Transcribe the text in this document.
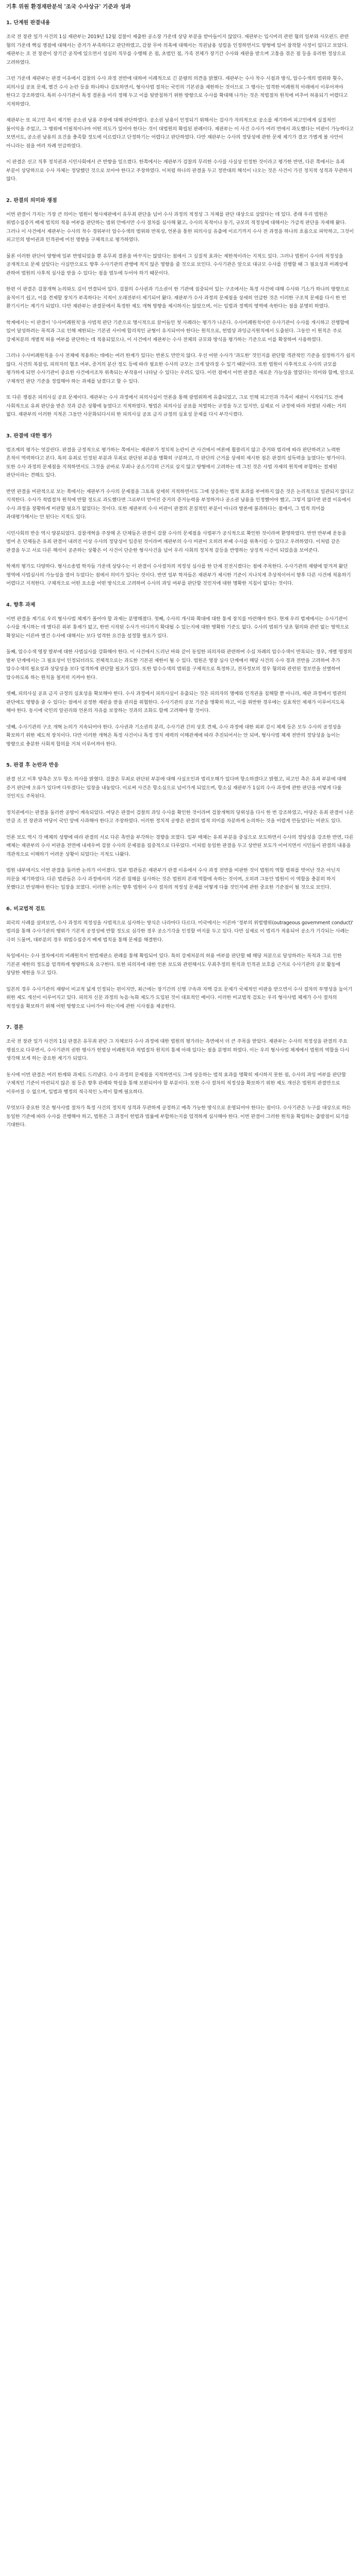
기후 위원 환경재판분석 '조국 수사상규' 기준과 성과
1. 단계원 판결내용

조국 전 장관 일가 사건의 1심 재판부는 2019년 12월 검찰이 제출한 공소장 가운데 상당 부분을 받아들이지 않았다. 재판부는 입시비리 관련 혐의 일부와 사모펀드 관련 혐의 가운데 핵심 쟁점에 대해서는 증거가 부족하다고 판단하였고, 감찰 무마 의혹에 대해서는 직권남용 성립을 인정하면서도 양형에 있어 참작할 사정이 있다고 보았다. 재판부는 조 전 장관이 장기간 공직에 있으면서 성실히 직무를 수행해 온 점, 초범인 점, 가족 전체가 장기간 수사와 재판을 받으며 고통을 겪은 점 등을 유리한 정상으로 고려하였다.

그런 가운데 재판부는 판결 이유에서 검찰의 수사 과정 전반에 대하여 이례적으로 긴 분량의 의견을 밝혔다. 재판부는 수사 착수 시점과 방식, 압수수색의 범위와 횟수, 피의사실 공표 문제, 별건 수사 논란 등을 하나하나 검토하면서, 형사사법 절차는 국민의 기본권을 제한하는 것이므로 그 행사는 엄격한 비례원칙 아래에서 이루어져야 한다고 강조하였다. 특히 수사기관이 특정 결론을 미리 정해 두고 이를 뒷받침하기 위한 방향으로 수사를 확대해 나가는 것은 적법절차 원칙에 비추어 허용되기 어렵다고 지적하였다.

재판부는 또 피고인 측이 제기한 공소권 남용 주장에 대해 판단하였다. 공소권 남용이 인정되기 위해서는 검사가 자의적으로 공소를 제기하여 피고인에게 실질적인 불이익을 주었고, 그 행위에 미필적이나마 어떤 의도가 있어야 한다는 것이 대법원의 확립된 판례이다. 재판부는 이 사건 수사가 여러 면에서 과도했다는 비판이 가능하다고 보면서도, 공소권 남용의 요건을 충족할 정도에 이르렀다고 단정하기는 어렵다고 판단하였다. 다만 재판부는 수사의 정당성에 관한 문제 제기가 결코 가볍게 볼 사안이 아니라는 점을 여러 차례 언급하였다.

이 판결은 선고 직후 정치권과 시민사회에서 큰 반향을 일으켰다. 한쪽에서는 재판부가 검찰의 무리한 수사를 사실상 인정한 것이라고 평가한 반면, 다른 쪽에서는 유죄 부분이 상당하므로 수사 자체는 정당했던 것으로 보아야 한다고 주장하였다. 이처럼 하나의 판결을 두고 정반대의 해석이 나오는 것은 사건이 가진 정치적 성격과 무관하지 않다.

2. 판결의 의미와 쟁점

이번 판결이 가지는 가장 큰 의미는 법원이 형사재판에서 유무죄 판단을 넘어 수사 과정의 적정성 그 자체를 판단 대상으로 삼았다는 데 있다. 종래 우리 법원은 위법수집증거 배제 법칙의 적용 여부를 판단하는 범위 안에서만 수사 절차를 심사해 왔고, 수사의 목적이나 동기, 규모의 적정성에 대해서는 가급적 판단을 자제해 왔다. 그러나 이 사건에서 재판부는 수사의 착수 경위부터 압수수색의 범위와 반복성, 언론을 통한 피의사실 유출에 이르기까지 수사 전 과정을 하나의 흐름으로 파악하고, 그것이 피고인의 방어권과 인격권에 미친 영향을 구체적으로 평가하였다.

물론 이러한 판단이 양형에 일부 반영되었을 뿐 유무죄 결론을 바꾸지는 않았다는 점에서 그 실질적 효과는 제한적이라는 지적도 있다. 그러나 법원이 수사의 적정성을 공개적으로 문제 삼았다는 사실만으로도 향후 수사기관의 관행에 적지 않은 영향을 줄 것으로 보인다. 수사기관은 앞으로 대규모 수사를 진행할 때 그 필요성과 비례성에 관하여 법원의 사후적 심사를 받을 수 있다는 점을 염두에 두어야 하기 때문이다.

한편 이 판결은 검찰개혁 논의와도 깊이 연결되어 있다. 검찰의 수사권과 기소권이 한 기관에 집중되어 있는 구조에서는 특정 사건에 대해 수사와 기소가 하나의 방향으로 움직이기 쉽고, 이를 견제할 장치가 부족하다는 지적이 오래전부터 제기되어 왔다. 재판부가 수사 과정의 문제점을 상세히 언급한 것은 이러한 구조적 문제를 다시 한 번 환기시키는 계기가 되었다. 다만 재판부는 판결문에서 특정한 제도 개혁 방향을 제시하지는 않았으며, 이는 입법과 정책의 영역에 속한다는 점을 분명히 하였다.

학계에서는 이 판결이 '수사비례원칙'을 사법적 판단 기준으로 명시적으로 끌어들인 첫 사례라는 평가가 나온다. 수사비례원칙이란 수사기관이 수사를 개시하고 진행함에 있어 달성하려는 목적과 그로 인해 제한되는 기본권 사이에 합리적인 균형이 유지되어야 한다는 원칙으로, 헌법상 과잉금지원칙에서 도출된다. 그동안 이 원칙은 주로 강제처분의 개별적 허용 여부를 판단하는 데 적용되었으나, 이 사건에서 재판부는 수사 전체의 규모와 방식을 평가하는 기준으로 이를 확장하여 사용하였다.

그러나 수사비례원칙을 수사 전체에 적용하는 데에는 여러 한계가 있다는 반론도 만만치 않다. 우선 어떤 수사가 '과도한' 것인지를 판단할 객관적인 기준을 설정하기가 쉽지 않다. 사건의 복잡성, 피의자의 협조 여부, 증거의 분산 정도 등에 따라 필요한 수사의 규모는 크게 달라질 수 있기 때문이다. 또한 법원이 사후적으로 수사의 규모를 평가하게 되면 수사기관이 중요한 사건에서조차 위축되는 부작용이 나타날 수 있다는 우려도 있다. 이런 점에서 이번 판결은 새로운 가능성을 열었다는 의미와 함께, 앞으로 구체적인 판단 기준을 정립해야 하는 과제를 남겼다고 할 수 있다.

또 다른 쟁점은 피의사실 공표 문제이다. 재판부는 수사 과정에서 피의사실이 언론을 통해 광범위하게 유출되었고, 그로 인해 피고인과 가족이 재판이 시작되기도 전에 사회적으로 유죄 판단을 받은 것과 같은 상황에 놓였다고 지적하였다. 형법은 피의사실 공표를 처벌하는 규정을 두고 있지만, 실제로 이 규정에 따라 처벌된 사례는 거의 없다. 재판부의 이러한 지적은 그동안 사문화되다시피 한 피의사실 공표 금지 규정의 실효성 문제를 다시 부각시켰다.

3. 판결에 대한 평가

법조계의 평가는 엇갈린다. 판결을 긍정적으로 평가하는 쪽에서는 재판부가 정치적 논란이 큰 사건에서 여론에 휩쓸리지 않고 증거와 법리에 따라 판단하려고 노력한 흔적이 역력하다고 본다. 특히 유죄로 인정된 부분과 무죄로 판단된 부분을 명확히 구분하고, 각 판단의 근거를 상세히 제시한 점은 판결의 설득력을 높였다는 평가이다. 또한 수사 과정의 문제점을 지적하면서도 그것을 곧바로 무죄나 공소기각의 근거로 삼지 않고 양형에서 고려하는 데 그친 것은 사법 자제의 원칙에 부합하는 절제된 판단이라는 견해도 있다.

반면 판결을 비판적으로 보는 쪽에서는 재판부가 수사의 문제점을 그토록 상세히 지적하면서도 그에 상응하는 법적 효과를 부여하지 않은 것은 논리적으로 일관되지 않다고 지적한다. 수사가 적법절차 원칙에 반할 정도로 과도했다면 그로부터 얻어진 증거의 증거능력을 부정하거나 공소권 남용을 인정했어야 했고, 그렇지 않다면 판결 이유에서 수사 과정을 장황하게 비판할 필요가 없었다는 것이다. 또한 재판부의 수사 비판이 판결의 본질적인 부분이 아니라 방론에 불과하다는 점에서, 그 법적 의미를 과대평가해서는 안 된다는 지적도 있다.

시민사회의 반응 역시 양분되었다. 검찰개혁을 주장해 온 단체들은 판결이 검찰 수사의 문제점을 사법부가 공식적으로 확인한 것이라며 환영하였다. 반면 반부패 운동을 벌여 온 단체들은 유죄 판결이 내려진 이상 수사의 정당성이 입증된 것이라며 재판부의 수사 비판이 오히려 부패 수사를 위축시킬 수 있다고 우려하였다. 이처럼 같은 판결을 두고 서로 다른 해석이 공존하는 상황은 이 사건이 단순한 형사사건을 넘어 우리 사회의 정치적 갈등을 반영하는 상징적 사건이 되었음을 보여준다.

학계의 평가도 다양하다. 형사소송법 학자들 가운데 상당수는 이 판결이 수사절차의 적정성 심사를 한 단계 진전시켰다는 점에 주목한다. 수사기관의 재량에 맡겨져 왔던 영역에 사법심사의 가능성을 열어 두었다는 점에서 의미가 있다는 것이다. 반면 일부 학자들은 재판부가 제시한 기준이 지나치게 추상적이어서 향후 다른 사건에 적용하기 어렵다고 지적한다. 구체적으로 어떤 요소를 어떤 방식으로 고려하여 수사의 과잉 여부를 판단할 것인지에 대한 명확한 지침이 없다는 것이다.

4. 향후 과제

이번 판결을 계기로 우리 형사사법 체계가 풀어야 할 과제는 분명해졌다. 첫째, 수사의 개시와 확대에 대한 통제 장치를 마련해야 한다. 현재 우리 법제에서는 수사기관이 수사를 개시하는 데 별다른 외부 통제가 없고, 한번 시작된 수사가 어디까지 확대될 수 있는지에 대한 명확한 기준도 없다. 수사의 범위가 당초 혐의와 관련 없는 영역으로 확장되는 이른바 별건 수사에 대해서는 보다 엄격한 요건을 설정할 필요가 있다.

둘째, 압수수색 영장 발부에 대한 사법심사를 강화해야 한다. 이 사건에서 드러난 바와 같이 동일한 피의자와 관련하여 수십 차례의 압수수색이 반복되는 경우, 개별 영장의 발부 단계에서는 그 필요성이 인정되더라도 전체적으로는 과도한 기본권 제한이 될 수 있다. 법원은 영장 심사 단계에서 해당 사건의 수사 경과 전반을 고려하여 추가 압수수색의 필요성과 상당성을 보다 엄격하게 판단할 필요가 있다. 또한 압수수색의 범위를 구체적으로 특정하고, 전자정보의 경우 혐의와 관련된 정보만을 선별하여 압수하도록 하는 원칙을 철저히 지켜야 한다.

셋째, 피의사실 공표 금지 규정의 실효성을 확보해야 한다. 수사 과정에서 피의사실이 유출되는 것은 피의자의 명예와 인격권을 침해할 뿐 아니라, 재판 과정에서 법관의 판단에도 영향을 줄 수 있다는 점에서 공정한 재판을 받을 권리를 위협한다. 수사기관의 공보 기준을 명확히 하고, 이를 위반한 경우에는 실효적인 제재가 이루어지도록 해야 한다. 동시에 국민의 알권리와 언론의 자유를 보장하는 것과의 조화도 함께 고려해야 할 것이다.

넷째, 수사기관의 구조 개혁 논의가 지속되어야 한다. 수사권과 기소권의 분리, 수사기관 간의 상호 견제, 수사 과정에 대한 외부 감시 체계 등은 모두 수사의 공정성을 확보하기 위한 제도적 장치이다. 다만 이러한 개혁은 특정 사건이나 특정 정치 세력의 이해관계에 따라 추진되어서는 안 되며, 형사사법 체계 전반의 정당성을 높이는 방향으로 충분한 사회적 합의를 거쳐 이루어져야 한다.

5. 판결 후 논란과 반응

판결 선고 이후 양측은 모두 항소 의사를 밝혔다. 검찰은 무죄로 판단된 부분에 대해 사실오인과 법리오해가 있다며 항소하겠다고 밝혔고, 피고인 측은 유죄 부분에 대해 증거 판단에 오류가 있다며 다투겠다는 입장을 내놓았다. 이로써 사건은 항소심으로 넘어가게 되었으며, 항소심 재판부가 1심의 수사 과정에 관한 판단을 어떻게 다룰 것인지도 주목된다.

정치권에서는 판결을 둘러싼 공방이 계속되었다. 여당은 판결이 검찰의 과잉 수사를 확인한 것이라며 검찰개혁의 당위성을 다시 한 번 강조하였고, 야당은 유죄 판결이 나온 만큼 조 전 장관과 여당이 국민 앞에 사과해야 한다고 주장하였다. 이러한 정치적 공방은 판결의 법적 의미를 차분하게 논의하는 것을 어렵게 만들었다는 비판도 있다.

언론 보도 역시 각 매체의 성향에 따라 판결의 서로 다른 측면을 부각하는 경향을 보였다. 일부 매체는 유죄 부분을 중심으로 보도하면서 수사의 정당성을 강조한 반면, 다른 매체는 재판부의 수사 비판을 전면에 내세우며 검찰 수사의 문제점을 집중적으로 다루었다. 이처럼 동일한 판결을 두고 상반된 보도가 이어지면서 시민들이 판결의 내용을 객관적으로 이해하기 어려운 상황이 되었다는 지적도 나왔다.

법원 내부에서도 이번 판결을 둘러싼 논의가 이어졌다. 일부 법관들은 재판부가 판결 이유에서 수사 과정 전반을 비판한 것이 법원의 역할 범위를 벗어난 것은 아닌지 의문을 제기하였다. 다른 법관들은 수사 과정에서의 기본권 침해를 심사하는 것은 법원의 본래 역할에 속하는 것이며, 오히려 그동안 법원이 이 역할을 충분히 하지 못했다고 반성해야 한다는 입장을 보였다. 이러한 논의는 향후 법원이 수사 절차의 적정성 문제를 어떻게 다룰 것인지에 관한 중요한 기준점이 될 것으로 보인다.

6. 비교법적 검토

외국의 사례를 살펴보면, 수사 과정의 적정성을 사법적으로 심사하는 방식은 나라마다 다르다. 미국에서는 이른바 '정부의 위법행위(outrageous government conduct)' 법리를 통해 수사기관의 행위가 기본적 공정성에 반할 정도로 심각한 경우 공소기각을 인정할 여지를 두고 있다. 다만 실제로 이 법리가 적용되어 공소가 기각되는 사례는 극히 드물며, 대부분의 경우 위법수집증거 배제 법칙을 통해 문제를 해결한다.

독일에서는 수사 절차에서의 비례원칙이 헌법재판소 판례를 통해 확립되어 있다. 특히 강제처분의 허용 여부를 판단할 때 해당 처분으로 달성하려는 목적과 그로 인한 기본권 제한의 정도를 엄격하게 형량하도록 요구한다. 또한 피의자에 대한 언론 보도와 관련해서도 무죄추정의 원칙과 인격권 보호를 근거로 수사기관의 공보 활동에 상당한 제한을 두고 있다.

일본의 경우 수사기관의 재량이 비교적 넓게 인정되는 편이지만, 최근에는 장기간의 신병 구속과 자백 강요 문제가 국제적인 비판을 받으면서 수사 절차의 투명성을 높이기 위한 제도 개선이 이루어지고 있다. 피의자 신문 과정의 녹음·녹화 제도가 도입된 것이 대표적인 예이다. 이러한 비교법적 검토는 우리 형사사법 체계가 수사 절차의 적정성을 확보하기 위해 어떤 방향으로 나아가야 하는지에 관한 시사점을 제공한다.

7. 결론

조국 전 장관 일가 사건의 1심 판결은 유무죄 판단 그 자체보다 수사 과정에 대한 법원의 평가라는 측면에서 더 큰 주목을 받았다. 재판부는 수사의 적정성을 판결의 주요 쟁점으로 다루면서, 수사기관의 권한 행사가 헌법상 비례원칙과 적법절차 원칙의 통제 아래 있다는 점을 분명히 하였다. 이는 우리 형사사법 체계에서 법원의 역할을 다시 생각해 보게 하는 중요한 계기가 되었다.

동시에 이번 판결은 여러 한계와 과제도 드러냈다. 수사 과정의 문제점을 지적하면서도 그에 상응하는 법적 효과를 명확히 제시하지 못한 점, 수사의 과잉 여부를 판단할 구체적인 기준이 마련되지 않은 점 등은 향후 판례와 학설을 통해 보완되어야 할 부분이다. 또한 수사 절차의 적정성을 확보하기 위한 제도 개선은 법원의 판결만으로 이루어질 수 없으며, 입법과 행정의 적극적인 노력이 함께 필요하다.

무엇보다 중요한 것은 형사사법 절차가 특정 사건의 정치적 성격과 무관하게 공정하고 예측 가능한 방식으로 운영되어야 한다는 점이다. 수사기관은 누구를 대상으로 하든 동일한 기준에 따라 수사를 진행해야 하고, 법원은 그 과정이 헌법과 법률에 부합하는지를 엄격하게 심사해야 한다. 이번 판결이 그러한 원칙을 확립하는 출발점이 되기를 기대한다.
